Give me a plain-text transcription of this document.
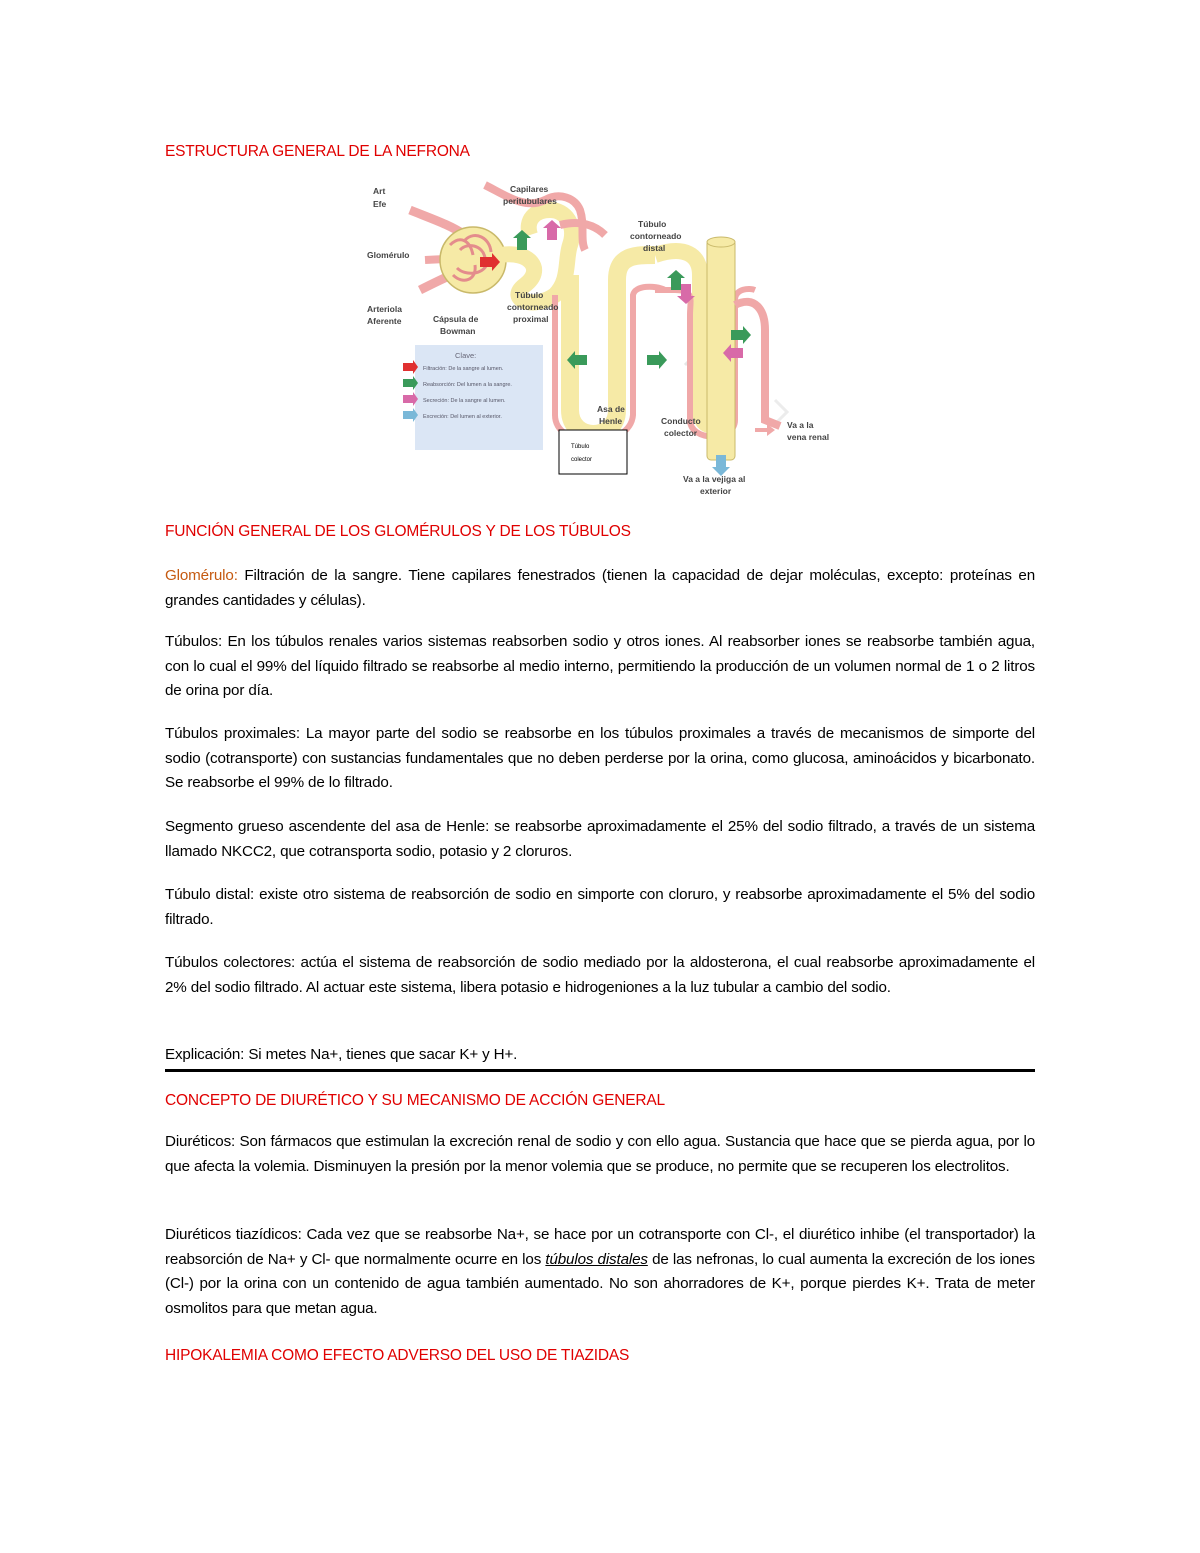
ESTRUCTURA GENERAL DE LA NEFRONA
Art
Efe
Capilares
peritubulares
Túbulo
contorneado
distal
Glomérulo
Arteriola
Aferente	Cápsula de
Bowman
Túbulo
contorneado
proximal
Asa de
Henle	Conducto
colector
Va a la
vena renal
Va a la vejiga al
exterior
Clave:
Filtración: De la sangre al lumen.
Reabsorción: Del lumen a la sangre.
Secreción: De la sangre al lumen.
Excreción: Del lumen al exterior.
Túbulo
colector
FUNCIÓN GENERAL DE LOS GLOMÉRULOS Y DE LOS TÚBULOS
Glomérulo: Filtración de la sangre. Tiene capilares fenestrados (tienen la capacidad de dejar moléculas, excepto: proteínas en grandes cantidades y células).
Túbulos: En los túbulos renales varios sistemas reabsorben sodio y otros iones. Al reabsorber iones se reabsorbe también agua, con lo cual el 99% del líquido filtrado se reabsorbe al medio interno, permitiendo la producción de un volumen normal de 1 o 2 litros de orina por día.
Túbulos proximales: La mayor parte del sodio se reabsorbe en los túbulos proximales a través de mecanismos de simporte del sodio (cotransporte) con sustancias fundamentales que no deben perderse por la orina, como glucosa, aminoácidos y bicarbonato. Se reabsorbe el 99% de lo filtrado.
Segmento grueso ascendente del asa de Henle: se reabsorbe aproximadamente el 25% del sodio filtrado, a través de un sistema llamado NKCC2, que cotransporta sodio, potasio y 2 cloruros.
Túbulo distal: existe otro sistema de reabsorción de sodio en simporte con cloruro, y reabsorbe aproximadamente el 5% del sodio filtrado.
Túbulos colectores: actúa el sistema de reabsorción de sodio mediado por la aldosterona, el cual reabsorbe aproximadamente el 2% del sodio filtrado. Al actuar este sistema, libera potasio e hidrogeniones a la luz tubular a cambio del sodio.
Explicación: Si metes Na+, tienes que sacar K+ y H+.
CONCEPTO DE DIURÉTICO Y SU MECANISMO DE ACCIÓN GENERAL
Diuréticos: Son fármacos que estimulan la excreción renal de sodio y con ello agua. Sustancia que hace que se pierda agua, por lo que afecta la volemia. Disminuyen la presión por la menor volemia que se produce, no permite que se recuperen los electrolitos.
Diuréticos tiazídicos: Cada vez que se reabsorbe Na+, se hace por un cotransporte con Cl-, el diurético inhibe (el transportador) la reabsorción de Na+ y Cl- que normalmente ocurre en los túbulos distales de las nefronas, lo cual aumenta la excreción de los iones (Cl-) por la orina con un contenido de agua también aumentado. No son ahorradores de K+, porque pierdes K+. Trata de meter osmolitos para que metan agua.
HIPOKALEMIA COMO EFECTO ADVERSO DEL USO DE TIAZIDAS
